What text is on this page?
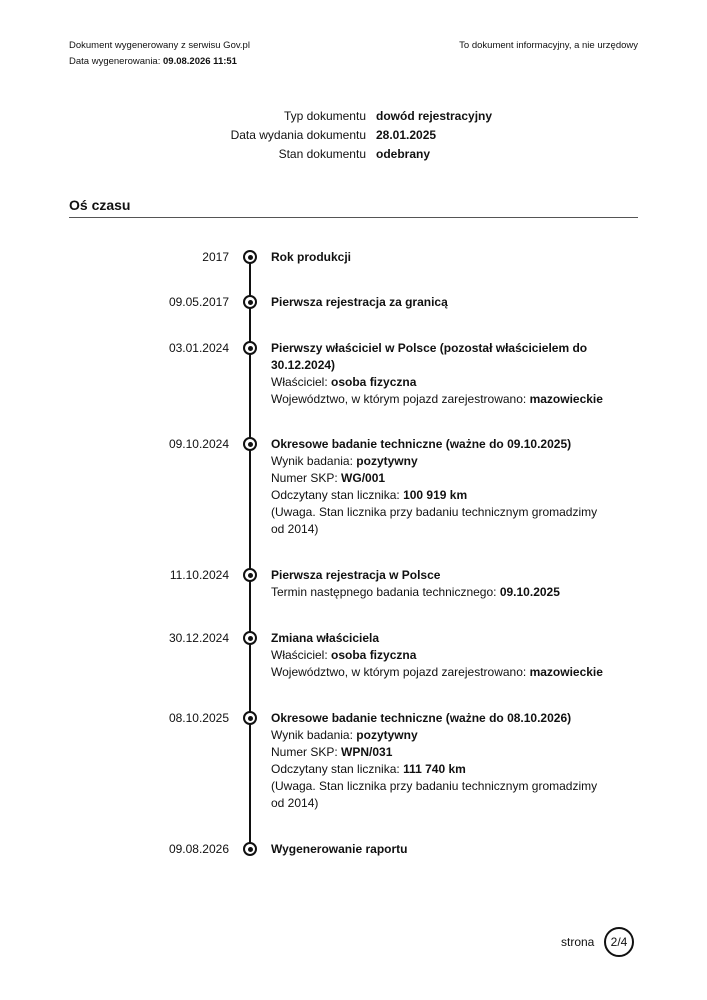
Dokument wygenerowany z serwisu Gov.pl
Data wygenerowania: 09.08.2026 11:51
To dokument informacyjny, a nie urzędowy
Typ dokumentu dowód rejestracyjny
Data wydania dokumentu 28.01.2025
Stan dokumentu odebrany
Oś czasu
2017	Rok produkcji
09.05.2017	Pierwsza rejestracja za granicą
03.01.2024	Pierwszy właściciel w Polsce (pozostał właścicielem do 30.12.2024)
Właściciel: osoba fizyczna
Województwo, w którym pojazd zarejestrowano: mazowieckie
09.10.2024	Okresowe badanie techniczne (ważne do 09.10.2025)
Wynik badania: pozytywny
Numer SKP: WG/001
Odczytany stan licznika: 100 919 km
(Uwaga. Stan licznika przy badaniu technicznym gromadzimy od 2014)
11.10.2024	Pierwsza rejestracja w Polsce
Termin następnego badania technicznego: 09.10.2025
30.12.2024	Zmiana właściciela
Właściciel: osoba fizyczna
Województwo, w którym pojazd zarejestrowano: mazowieckie
08.10.2025	Okresowe badanie techniczne (ważne do 08.10.2026)
Wynik badania: pozytywny
Numer SKP: WPN/031
Odczytany stan licznika: 111 740 km
(Uwaga. Stan licznika przy badaniu technicznym gromadzimy od 2014)
09.08.2026	Wygenerowanie raportu
strona 2/4
